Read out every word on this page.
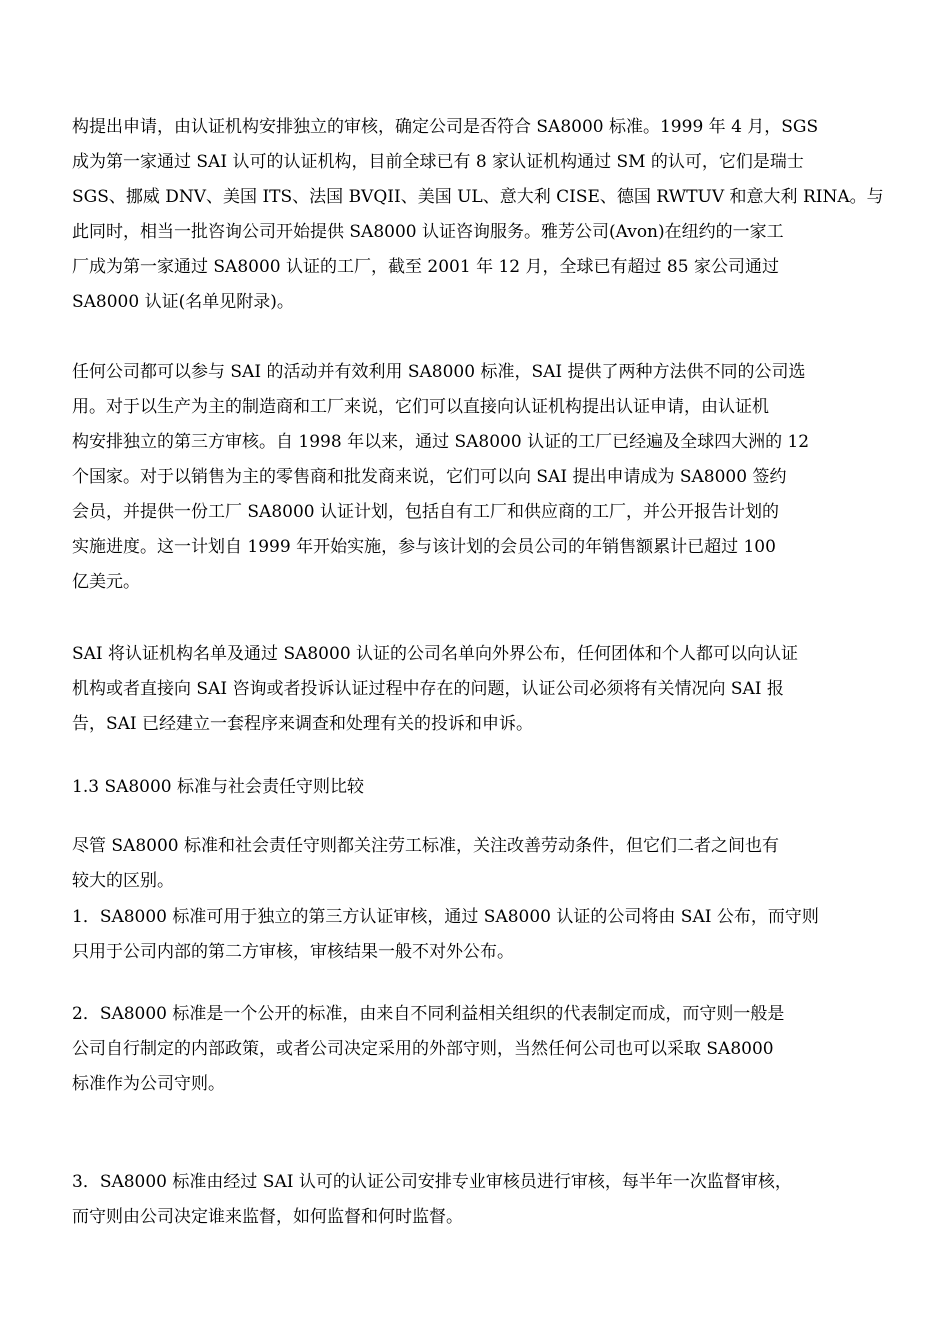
构提出申请，由认证机构安排独立的审核，确定公司是否符合 SA8000 标准。1999 年 4 月，SGS
成为第一家通过 SAI 认可的认证机构，目前全球已有 8 家认证机构通过 SM 的认可，它们是瑞士
SGS、挪威 DNV、美国 ITS、法国 BVQII、美国 UL、意大利 CISE、德国 RWTUV 和意大利 RINA。与
此同时，相当一批咨询公司开始提供 SA8000 认证咨询服务。雅芳公司(Avon)在纽约的一家工
厂成为第一家通过 SA8000 认证的工厂，截至 2001 年 12 月，全球已有超过 85 家公司通过
SA8000 认证(名单见附录)。
任何公司都可以参与 SAI 的活动并有效利用 SA8000 标准，SAI 提供了两种方法供不同的公司选
用。对于以生产为主的制造商和工厂来说，它们可以直接向认证机构提出认证申请，由认证机
构安排独立的第三方审核。自 1998 年以来，通过 SA8000 认证的工厂已经遍及全球四大洲的 12
个国家。对于以销售为主的零售商和批发商来说，它们可以向 SAI 提出申请成为 SA8000 签约
会员，并提供一份工厂 SA8000 认证计划，包括自有工厂和供应商的工厂，并公开报告计划的
实施进度。这一计划自 1999 年开始实施，参与该计划的会员公司的年销售额累计已超过 100
亿美元。
SAI 将认证机构名单及通过 SA8000 认证的公司名单向外界公布，任何团体和个人都可以向认证
机构或者直接向 SAI 咨询或者投诉认证过程中存在的问题，认证公司必须将有关情况向 SAI 报
告，SAI 已经建立一套程序来调查和处理有关的投诉和申诉。
1.3 SA8000 标准与社会责任守则比较
尽管 SA8000 标准和社会责任守则都关注劳工标准，关注改善劳动条件，但它们二者之间也有
较大的区别。
1．SA8000 标准可用于独立的第三方认证审核，通过 SA8000 认证的公司将由 SAI 公布，而守则
只用于公司内部的第二方审核，审核结果一般不对外公布。
2．SA8000 标准是一个公开的标准，由来自不同利益相关组织的代表制定而成，而守则一般是
公司自行制定的内部政策，或者公司决定采用的外部守则，当然任何公司也可以采取 SA8000
标准作为公司守则。
3．SA8000 标准由经过 SAI 认可的认证公司安排专业审核员进行审核，每半年一次监督审核，
而守则由公司决定谁来监督，如何监督和何时监督。
